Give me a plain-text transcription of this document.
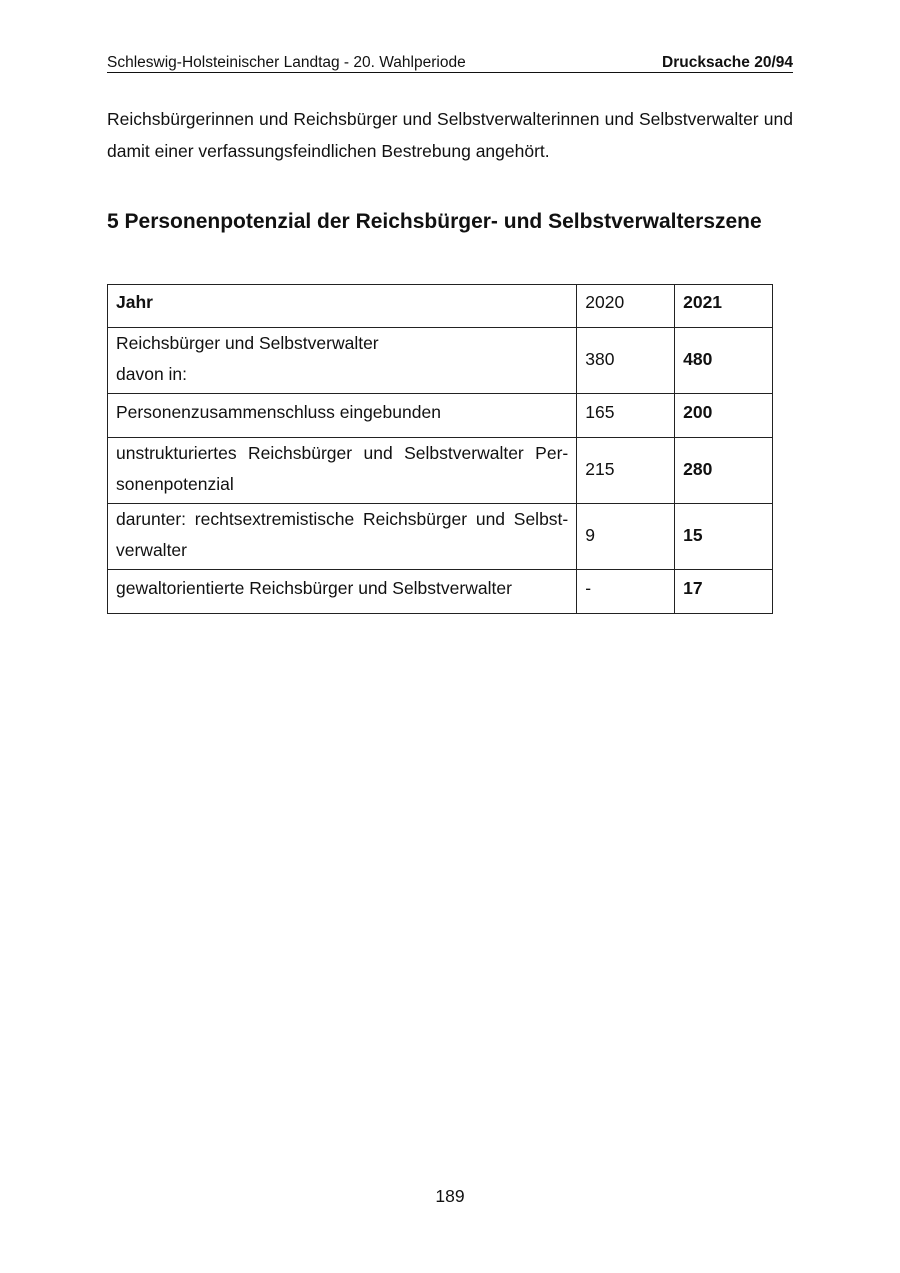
Schleswig-Holsteinischer Landtag - 20. Wahlperiode	Drucksache 20/94

Reichsbürgerinnen und Reichsbürger und Selbstverwalterinnen und Selbstverwalter und damit einer verfassungsfeindlichen Bestrebung angehört.

5 Personenpotenzial der Reichsbürger- und Selbstverwalterszene
Jahr	2020	2021
Reichsbürger und Selbstverwalter
davon in:	380	480
Personenzusammenschluss eingebunden	165	200
unstrukturiertes Reichsbürger und Selbstverwalter Personenpotenzial	215	280
darunter: rechtsextremistische Reichsbürger und Selbstverwalter	9	15
gewaltorientierte Reichsbürger und Selbstverwalter	-	17
189
